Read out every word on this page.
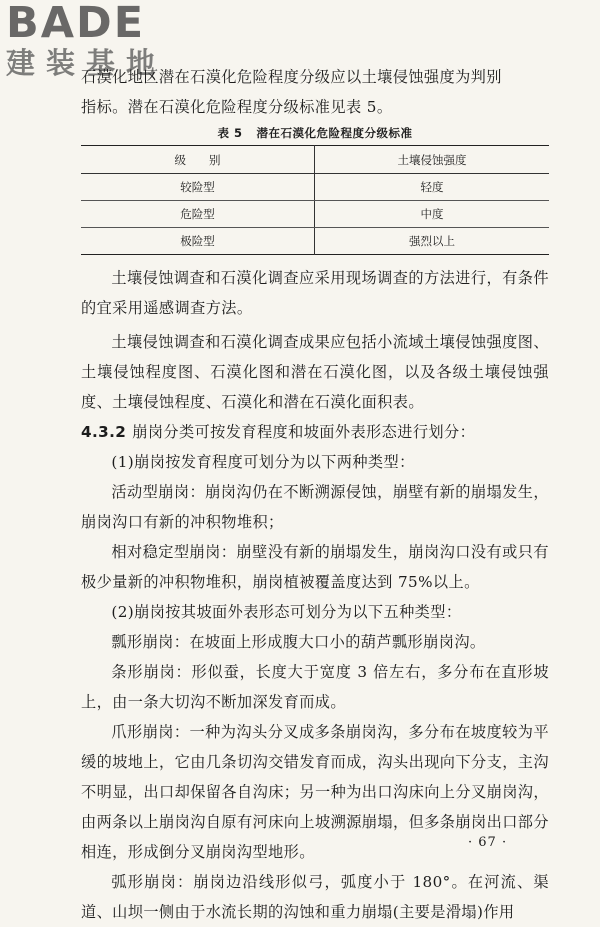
BADE
建装基地

石漠化地区潜在石漠化危险程度分级应以土壤侵蚀强度为判别

指标。潜在石漠化危险程度分级标准见表 5。

表 5 潜在石漠化危险程度分级标准
级　　别	土壤侵蚀强度
较险型	轻度
危险型	中度
极险型	强烈以上

土壤侵蚀调查和石漠化调查应采用现场调查的方法进行，有条件的宜采用遥感调查方法。

土壤侵蚀调查和石漠化调查成果应包括小流域土壤侵蚀强度图、土壤侵蚀程度图、石漠化图和潜在石漠化图，以及各级土壤侵蚀强度、土壤侵蚀程度、石漠化和潜在石漠化面积表。

4.3.2 崩岗分类可按发育程度和坡面外表形态进行划分：

(1)崩岗按发育程度可划分为以下两种类型：

活动型崩岗：崩岗沟仍在不断溯源侵蚀，崩壁有新的崩塌发生，崩岗沟口有新的冲积物堆积；

相对稳定型崩岗：崩壁没有新的崩塌发生，崩岗沟口没有或只有极少量新的冲积物堆积，崩岗植被覆盖度达到 75%以上。

(2)崩岗按其坡面外表形态可划分为以下五种类型：

瓢形崩岗：在坡面上形成腹大口小的葫芦瓢形崩岗沟。

条形崩岗：形似蚕，长度大于宽度 3 倍左右，多分布在直形坡上，由一条大切沟不断加深发育而成。

爪形崩岗：一种为沟头分叉成多条崩岗沟，多分布在坡度较为平缓的坡地上，它由几条切沟交错发育而成，沟头出现向下分支，主沟不明显，出口却保留各自沟床；另一种为出口沟床向上分叉崩岗沟，由两条以上崩岗沟自原有河床向上坡溯源崩塌，但多条崩岗出口部分相连，形成倒分叉崩岗沟型地形。

弧形崩岗：崩岗边沿线形似弓，弧度小于 180°。在河流、渠道、山坝一侧由于水流长期的沟蚀和重力崩塌(主要是滑塌)作用

· 67 ·
